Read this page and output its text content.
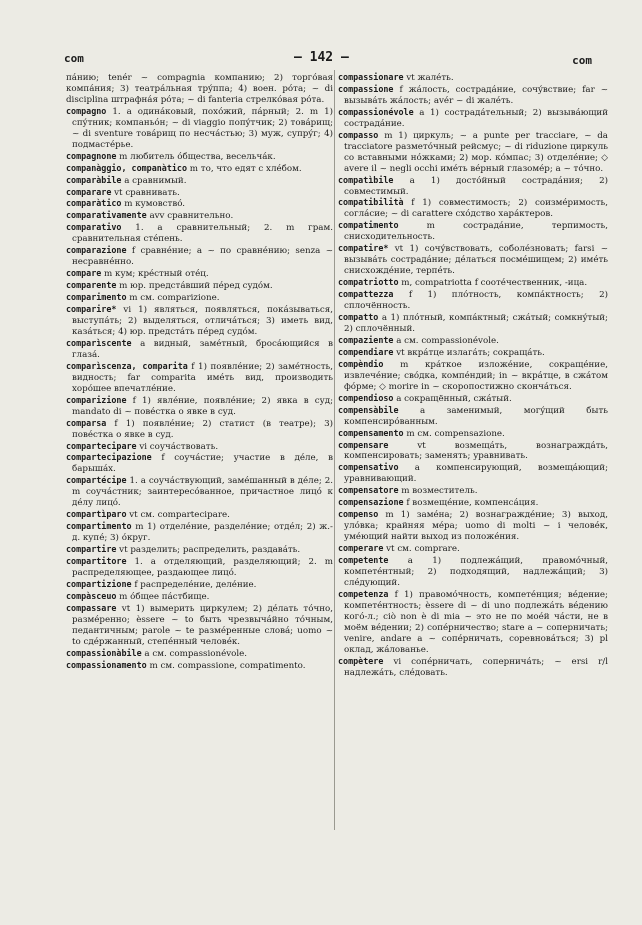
com	— 142 —	com

пáнию; tenér ~ compagnia компанию; 2) торгóвая компáния; 3) театрáльная трýппа; 4) воен. рóта; ~ di disciplina штрафнáя рóта; ~ di fanteria стрелкóвая рóта.

compagno 1. а одинáковый, похóжий, пáрный; 2. m 1) спýтник; компаньóн; ~ di viaggio попýтчик; 2) товáрищ; ~ di sventure товáрищ по несчáстью; 3) муж, супрýг; 4) подмастéрье.

compagnone m любитель óбщества, весельчáк.

companàggio, companàtico m то, что едят с хлéбом.

comparàbile а сравнимый.

comparare vt сравнивать.

comparàtico m кумовствó.

comparativamente avv сравнительно.

comparativo 1. а сравнительный; 2. m грам. сравнительная стéпень.

comparazione f сравнéние; a ~ по сравнéнию; senza ~ несравнéнно.

compare m кум; крéстный отéц.

comparente m юр. предстáвший пéред судóм.

comparimento m см. comparizione.

comparire* vi 1) являться, появляться, покáзываться, выступáть; 2) выделяться, отличáться; 3) иметь вид, казáться; 4) юр. предстáть пéред судóм.

comparìscente а видный, замéтный, бросáющийся в глазá.

comparìscenza, comparita f 1) появлéние; 2) замéтность, видность; far comparita имéть вид, производить хорóшее впечатлéние.

comparizione f 1) явлéние, появлéние; 2) явка в суд; mandato di ~ повéстка о явке в суд.

comparsa f 1) появлéние; 2) статист (в театре); 3) повéстка о явке в суд.

compartecipare vi соучáствовать.

compartecipazione f соучáстие; участие в дéле, в барышáх.

compartécipe 1. а соучáствующий, замéшанный в дéле; 2. m соучáстник; заинтересóванное, причастное лицó к дéлу лицó.

compartìparo vt см. compartecipare.

compartimento m 1) отделéние, разделéние; отдéл; 2) ж.-д. купé; 3) óкруг.

compartire vt разделить; распределить, раздавáть.

compartitore 1. а отделяющий, разделяющий; 2. m распределяющее, раздающее лицó.

compartizione f распределéние, делéние.

compàsceuo m óбщее пáстбище.

compassare vt 1) вымерить циркулем; 2) дéлать тóчно, размéренно; èssere ~ to быть чрезвычáйно тóчным, педантичным; parole ~ te размéренные словá; uomo ~ to сдéржанный, степéнный человéк.

compassionàbile а см. compassionévole.

compassionamento m см. compassione, compatimento.

compassionare vt жалéть.

compassione f жáлость, сострадáние, сочýвствие; far ~ вызывáть жáлость; avér ~ di жалéть.

compassionévole а 1) сострадáтельный; 2) вызывáющий сострадáние.

compasso m 1) циркуль; ~ a punte per tracciare, ~ da tracciatore разметóчный рейсмус; ~ di riduzione циркуль со вставными нóжками; 2) мор. кóмпас; 3) отделéние; ◇ avere il ~ negli occhi имéть вéрный глазомéр; a ~ тóчно.

compatìbile а 1) достóйный сострадáния; 2) совместимый.

compatibilità f 1) совместимость; 2) соизмéримость, соглáсие; ~ di carattere схóдство харáктеров.

compatimento m сострадáние, терпимость, снисходительность.

compatire* vt 1) сочýвствовать, соболéзновать; farsi ~ вызывáть сострадáние; дéлаться посмéшищем; 2) имéть снисхождéние, терпéть.

compatriotto m, compatriotta f соотéчественник, -ица.

compattezza f 1) плóтность, компáктность; 2) сплочённость.

compatto а 1) плóтный, компáктный; сжáтый; сомкнýтый; 2) сплочённый.

compaziente а см. compassionévole.

compendiare vt вкрáтце излагáть; сокращáть.

compèndio m крáткое изложéние, сокращéние, извлечéние; свóдка, компéндий; in ~ вкрáтце, в сжáтом фóрме; ◇ morire in ~ скоропостижно скончáться.

compendioso а сокращённый, сжáтый.

compensàbile а заменимый, могýщий быть компенсирóванным.

compensamento m см. compensazione.

compensare vt возмещáть, вознаграждáть, компенсировать; заменять; уравнивать.

compensativo а компенсирующий, возмещáющий; уравнивающий.

compensatore m возместитель.

compensazione f возмещéние, компенсáция.

compenso m 1) замéна; 2) вознаграждéние; 3) выход, улóвка; крайняя мéра; uomo di molti ~ i человéк, умéющий найти выход из положéния.

comperare vt см. comprare.

competente а 1) подлежáщий, правомóчный, компетéнтный; 2) подходящий, надлежáщий; 3) слéдующий.

competenza f 1) правомóчность, компетéнция; вéдение; компетéнтность; èssere di ~ di uno подлежáть вéдению когó-л.; ciò non è di mia ~ это не по моéй чáсти, не в моём вéдении; 2) сопéрничество; stare a ~ соперничать; venire, andare a ~ сопéрничать, соревновáться; 3) pl оклад, жáлованье.

compètere vi сопéрничать, соперничáть; ~ ersi r/l надлежáть, слéдовать.
